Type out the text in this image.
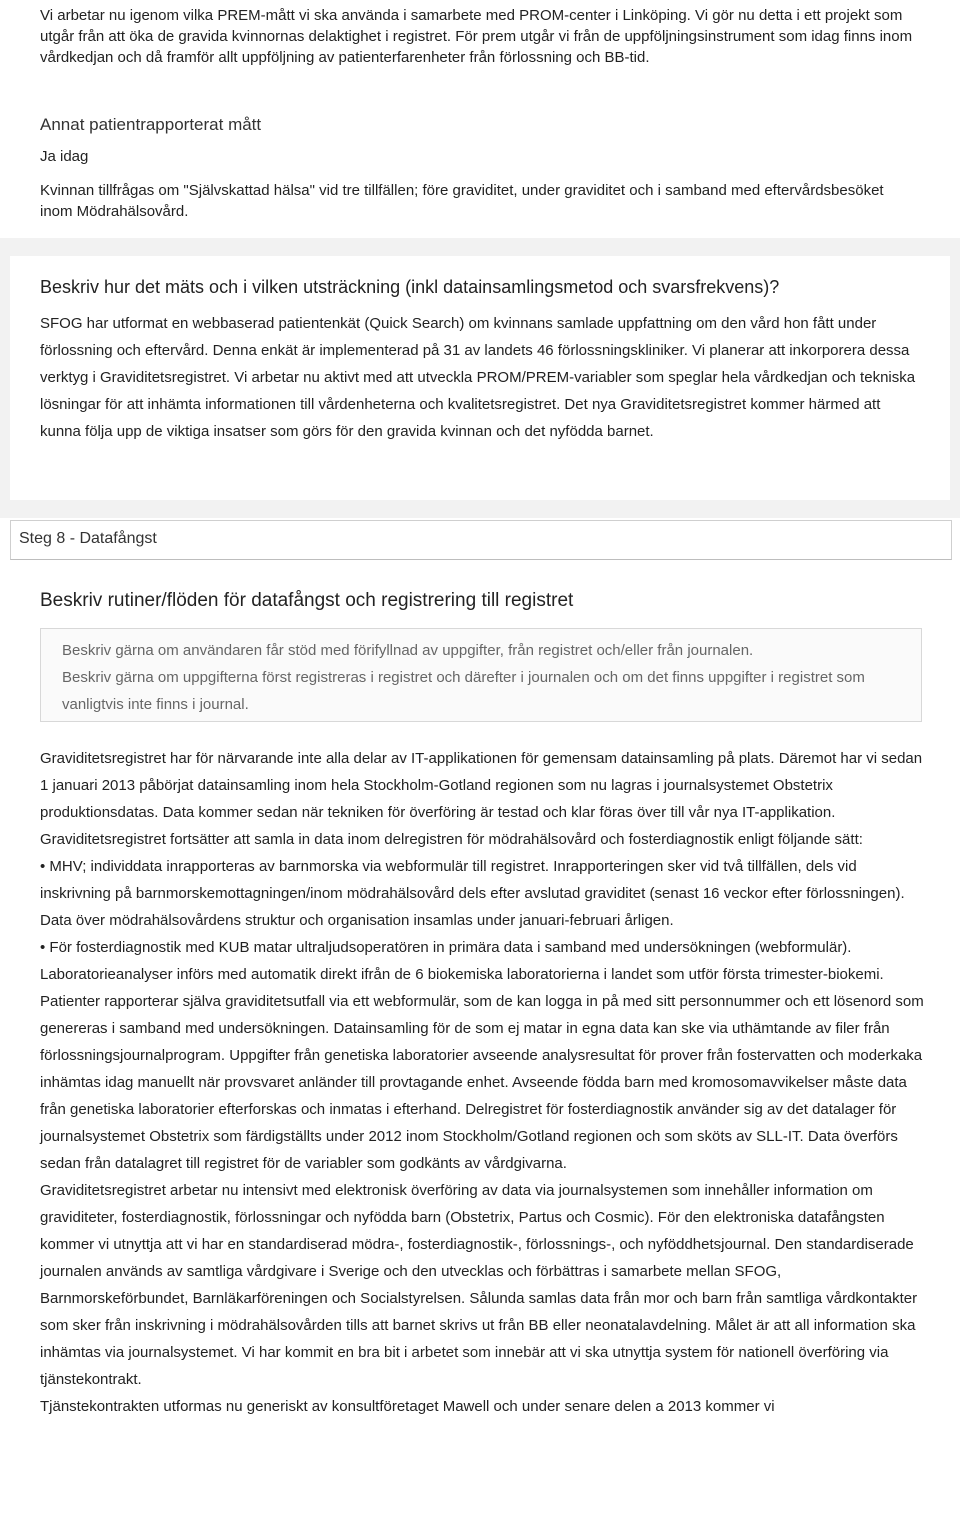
Vi arbetar nu igenom vilka PREM-mått vi ska använda i samarbete med PROM-center i Linköping. Vi gör nu detta i ett projekt som utgår från att öka de gravida kvinnornas delaktighet i registret. För prem utgår vi från de uppföljningsinstrument som idag finns inom vårdkedjan och då framför allt uppföljning av patienterfarenheter från förlossning och BB-tid.
Annat patientrapporterat mått
Ja idag
Kvinnan tillfrågas om "Självskattad hälsa" vid tre tillfällen; före graviditet, under graviditet och i samband med eftervårdsbesöket inom Mödrahälsovård.
Beskriv hur det mäts och i vilken utsträckning (inkl datainsamlingsmetod och svarsfrekvens)?
SFOG har utformat en webbaserad patientenkät (Quick Search) om kvinnans samlade uppfattning om den vård hon fått under förlossning och eftervård. Denna enkät är implementerad på 31 av landets 46 förlossningskliniker. Vi planerar att inkorporera dessa verktyg i Graviditetsregistret. Vi arbetar nu aktivt med att utveckla PROM/PREM-variabler som speglar hela vårdkedjan och tekniska lösningar för att inhämta informationen till vårdenheterna och kvalitetsregistret. Det nya Graviditetsregistret kommer härmed att kunna följa upp de viktiga insatser som görs för den gravida kvinnan och det nyfödda barnet.
Steg 8 - Datafångst
Beskriv rutiner/flöden för datafångst och registrering till registret
Beskriv gärna om användaren får stöd med förifyllnad av uppgifter, från registret och/eller från journalen.
Beskriv gärna om uppgifterna först registreras i registret och därefter i journalen och om det finns uppgifter i registret som vanligtvis inte finns i journal.

Graviditetsregistret har för närvarande inte alla delar av IT-applikationen för gemensam datainsamling på plats. Däremot har vi sedan 1 januari 2013 påbörjat datainsamling inom hela Stockholm-Gotland regionen som nu lagras i journalsystemet Obstetrix produktionsdatas. Data kommer sedan när tekniken för överföring är testad och klar föras över till vår nya IT-applikation.

Graviditetsregistret fortsätter att samla in data inom delregistren för mödrahälsovård och fosterdiagnostik enligt följande sätt:

• MHV; individdata inrapporteras av barnmorska via webformulär till registret. Inrapporteringen sker vid två tillfällen, dels vid inskrivning på barnmorskemottagningen/inom mödrahälsovård dels efter avslutad graviditet (senast 16 veckor efter förlossningen). Data över mödrahälsovårdens struktur och organisation insamlas under januari-februari årligen.

• För fosterdiagnostik med KUB matar ultraljudsoperatören in primära data i samband med undersökningen (webformulär). Laboratorieanalyser införs med automatik direkt ifrån de 6 biokemiska laboratorierna i landet som utför första trimester-biokemi. Patienter rapporterar själva graviditetsutfall via ett webformulär, som de kan logga in på med sitt personnummer och ett lösenord som genereras i samband med undersökningen. Datainsamling för de som ej matar in egna data kan ske via uthämtande av filer från förlossningsjournalprogram. Uppgifter från genetiska laboratorier avseende analysresultat för prover från fostervatten och moderkaka inhämtas idag manuellt när provsvaret anländer till provtagande enhet. Avseende födda barn med kromosomavvikelser måste data från genetiska laboratorier efterforskas och inmatas i efterhand. Delregistret för fosterdiagnostik använder sig av det datalager för journalsystemet Obstetrix som färdigställts under 2012 inom Stockholm/Gotland regionen och som sköts av SLL-IT. Data överförs sedan från datalagret till registret för de variabler som godkänts av vårdgivarna.

Graviditetsregistret arbetar nu intensivt med elektronisk överföring av data via journalsystemen som innehåller information om graviditeter, fosterdiagnostik, förlossningar och nyfödda barn (Obstetrix, Partus och Cosmic). För den elektroniska datafångsten kommer vi utnyttja att vi har en standardiserad mödra-, fosterdiagnostik-, förlossnings-, och nyföddhetsjournal. Den standardiserade journalen används av samtliga vårdgivare i Sverige och den utvecklas och förbättras i samarbete mellan SFOG, Barnmorskeförbundet, Barnläkarföreningen och Socialstyrelsen. Sålunda samlas data från mor och barn från samtliga vårdkontakter som sker från inskrivning i mödrahälsovården tills att barnet skrivs ut från BB eller neonatalavdelning. Målet är att all information ska inhämtas via journalsystemet. Vi har kommit en bra bit i arbetet som innebär att vi ska utnyttja system för nationell överföring via tjänstekontrakt.

Tjänstekontrakten utformas nu generiskt av konsultföretaget Mawell och under senare delen a 2013 kommer vi
